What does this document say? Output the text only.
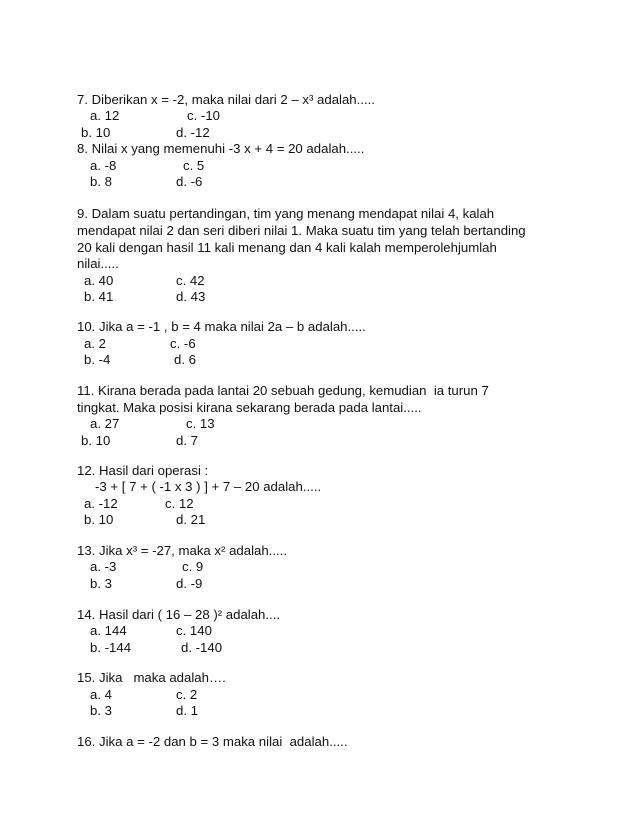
7. Diberikan x = -2, maka nilai dari 2 – x³ adalah.....
a. 12	c. -10
b. 10	d. -12
8. Nilai x yang memenuhi -3 x + 4 = 20 adalah.....
a. -8	c. 5
b. 8	d. -6
9. Dalam suatu pertandingan, tim yang menang mendapat nilai 4, kalah
mendapat nilai 2 dan seri diberi nilai 1. Maka suatu tim yang telah bertanding
20 kali dengan hasil 11 kali menang dan 4 kali kalah memperolehjumlah
nilai.....
a. 40	c. 42
b. 41	d. 43
10. Jika a = -1 , b = 4 maka nilai 2a – b adalah.....
a. 2	c. -6
b. -4	d. 6
11. Kirana berada pada lantai 20 sebuah gedung, kemudian  ia turun 7
tingkat. Maka posisi kirana sekarang berada pada lantai.....
a. 27	c. 13
b. 10	d. 7
12. Hasil dari operasi :
-3 + [ 7 + ( -1 x 3 ) ] + 7 – 20 adalah.....
a. -12	c. 12
b. 10	d. 21
13. Jika x³ = -27, maka x² adalah.....
a. -3	c. 9
b. 3	d. -9
14. Hasil dari ( 16 – 28 )² adalah....
a. 144	c. 140
b. -144	d. -140
15. Jika   maka adalah….
a. 4	c. 2
b. 3	d. 1
16. Jika a = -2 dan b = 3 maka nilai  adalah.....
